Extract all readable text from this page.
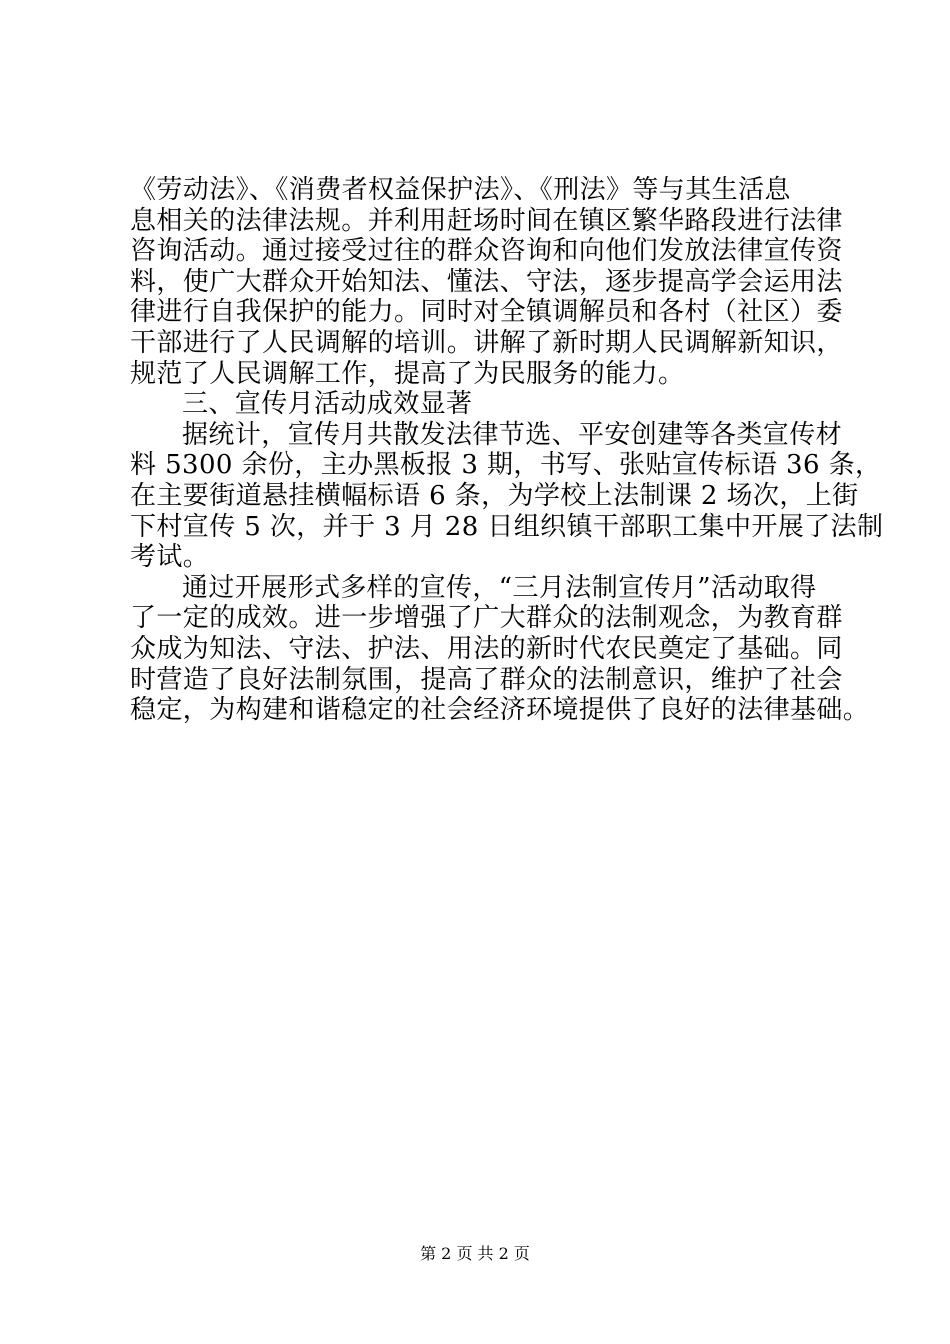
《劳动法》、《消费者权益保护法》、《刑法》等与其生活息
息相关的法律法规。并利用赶场时间在镇区繁华路段进行法律
咨询活动。通过接受过往的群众咨询和向他们发放法律宣传资
料，使广大群众开始知法、懂法、守法，逐步提高学会运用法
律进行自我保护的能力。同时对全镇调解员和各村（社区）委
干部进行了人民调解的培训。讲解了新时期人民调解新知识，
规范了人民调解工作，提高了为民服务的能力。
三、宣传月活动成效显著
据统计，宣传月共散发法律节选、平安创建等各类宣传材
料 5300 余份，主办黑板报 3 期，书写、张贴宣传标语 36 条，
在主要街道悬挂横幅标语 6 条，为学校上法制课 2 场次，上街
下村宣传 5 次，并于 3 月 28 日组织镇干部职工集中开展了法制
考试。
通过开展形式多样的宣传，“三月法制宣传月”活动取得
了一定的成效。进一步增强了广大群众的法制观念，为教育群
众成为知法、守法、护法、用法的新时代农民奠定了基础。同
时营造了良好法制氛围，提高了群众的法制意识，维护了社会
稳定，为构建和谐稳定的社会经济环境提供了良好的法律基础。
第 2 页 共 2 页
